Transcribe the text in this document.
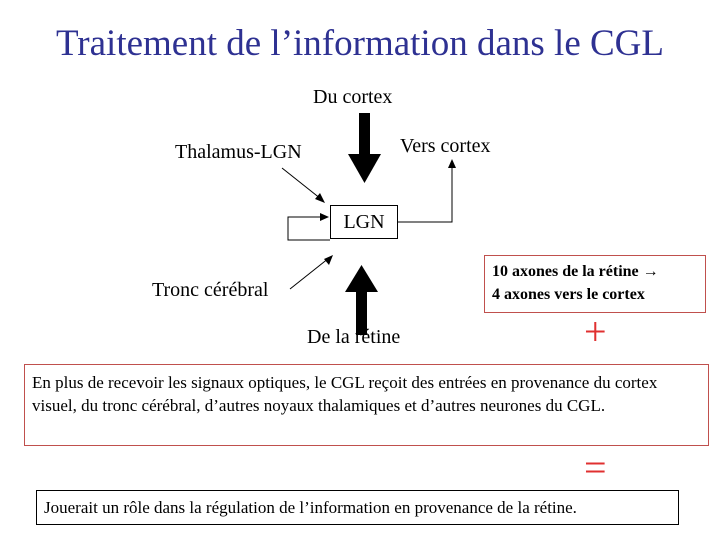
Traitement de l’information dans le CGL
Du cortex
Vers cortex
Thalamus-LGN
LGN
Tronc cérébral
De la rétine
10 axones de la rétine →
4 axones vers le cortex
+
En plus de recevoir les signaux optiques, le CGL reçoit des entrées en provenance du cortex visuel, du tronc cérébral, d’autres noyaux thalamiques et d’autres neurones du CGL.
=
Jouerait un rôle dans la régulation de l’information en provenance de la rétine.
